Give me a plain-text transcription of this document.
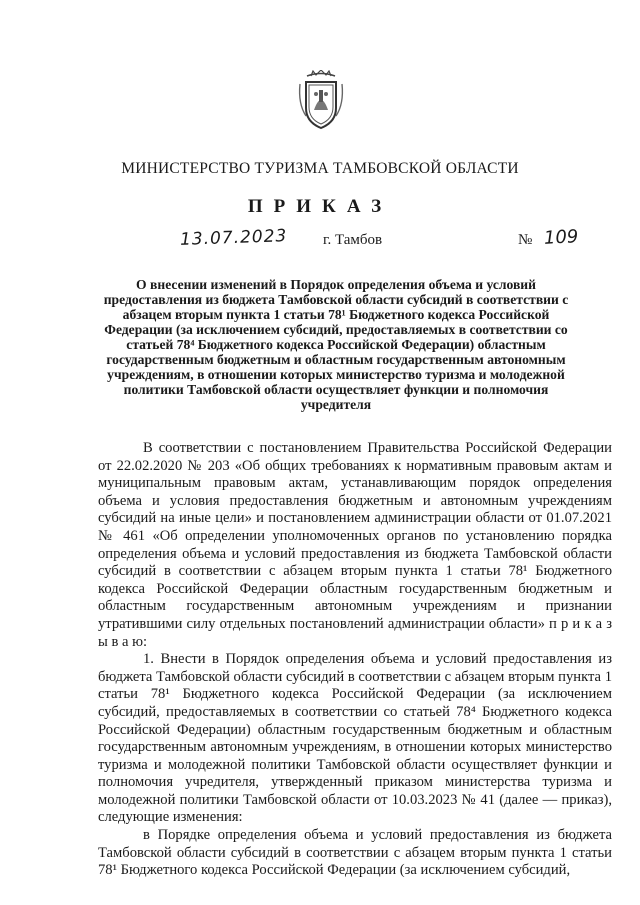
МИНИСТЕРСТВО ТУРИЗМА ТАМБОВСКОЙ ОБЛАСТИ
ПРИКАЗ
13.07.2023 г. Тамбов	№ 109
О внесении изменений в Порядок определения объема и условий предоставления из бюджета Тамбовской области субсидий в соответствии с абзацем вторым пункта 1 статьи 78¹ Бюджетного кодекса Российской Федерации (за исключением субсидий, предоставляемых в соответствии со статьей 78⁴ Бюджетного кодекса Российской Федерации) областным государственным бюджетным и областным государственным автономным учреждениям, в отношении которых министерство туризма и молодежной политики Тамбовской области осуществляет функции и полномочия учредителя

В соответствии с постановлением Правительства Российской Федерации от 22.02.2020 № 203 «Об общих требованиях к нормативным правовым актам и муниципальным правовым актам, устанавливающим порядок определения объема и условия предоставления бюджетным и автономным учреждениям субсидий на иные цели» и постановлением администрации области от 01.07.2021 № 461 «Об определении уполномоченных органов по установлению порядка определения объема и условий предоставления из бюджета Тамбовской области субсидий в соответствии с абзацем вторым пункта 1 статьи 78¹ Бюджетного кодекса Российской Федерации областным государственным бюджетным и областным государственным автономным учреждениям и признании утратившими силу отдельных постановлений администрации области» п р и к а з ы в а ю:

1. Внести в Порядок определения объема и условий предоставления из бюджета Тамбовской области субсидий в соответствии с абзацем вторым пункта 1 статьи 78¹ Бюджетного кодекса Российской Федерации (за исключением субсидий, предоставляемых в соответствии со статьей 78⁴ Бюджетного кодекса Российской Федерации) областным государственным бюджетным и областным государственным автономным учреждениям, в отношении которых министерство туризма и молодежной политики Тамбовской области осуществляет функции и полномочия учредителя, утвержденный приказом министерства туризма и молодежной политики Тамбовской области от 10.03.2023 № 41 (далее — приказ), следующие изменения:

в Порядке определения объема и условий предоставления из бюджета Тамбовской области субсидий в соответствии с абзацем вторым пункта 1 статьи 78¹ Бюджетного кодекса Российской Федерации (за исключением субсидий,
